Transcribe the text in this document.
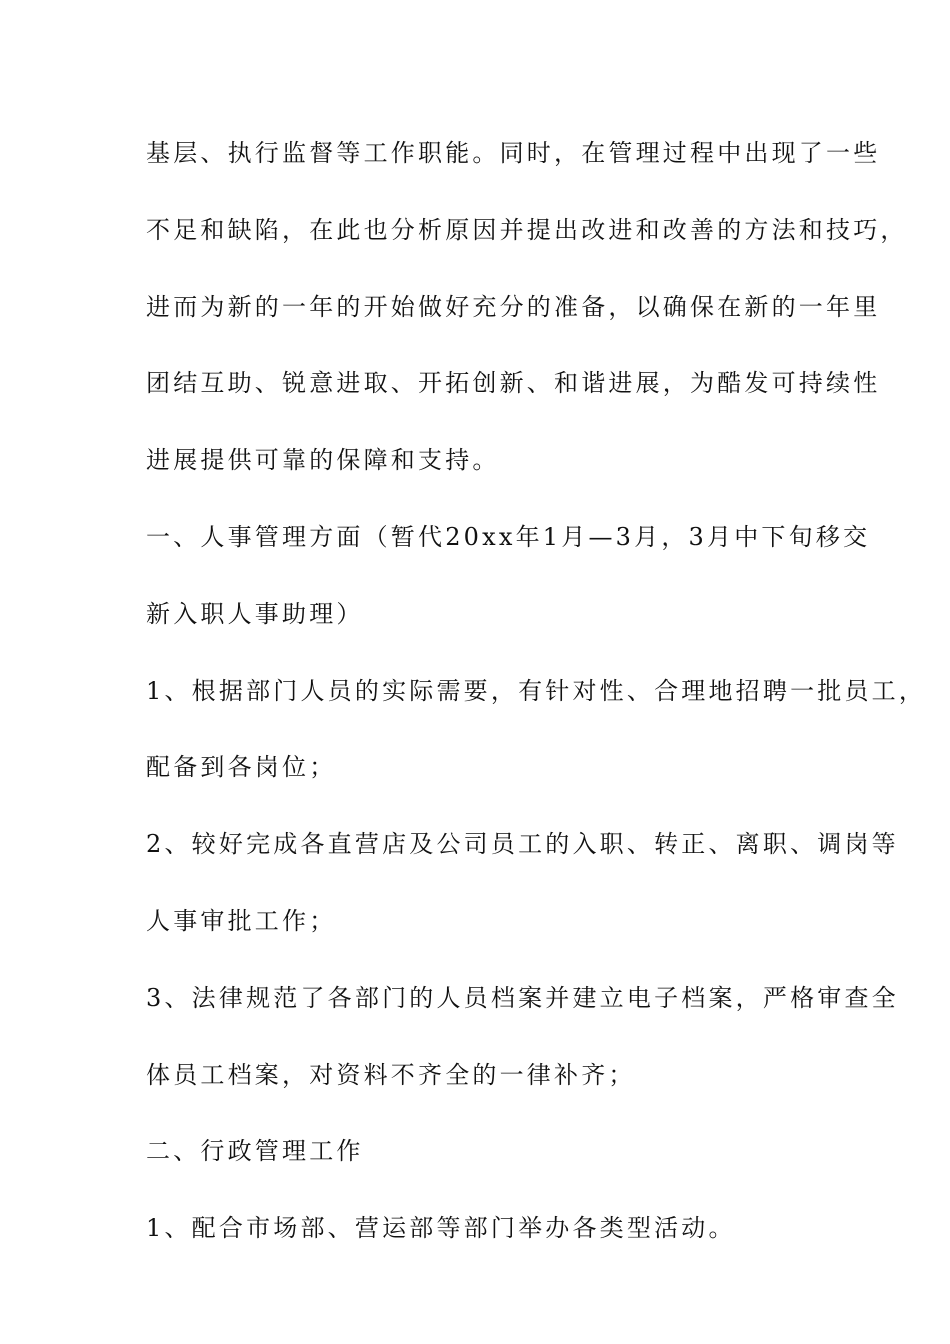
基层、执行监督等工作职能。同时，在管理过程中出现了一些
不足和缺陷，在此也分析原因并提出改进和改善的方法和技巧，
进而为新的一年的开始做好充分的准备，以确保在新的一年里
团结互助、锐意进取、开拓创新、和谐进展，为酷发可持续性
进展提供可靠的保障和支持。
一、人事管理方面（暂代20xx年1月—3月，3月中下旬移交
新入职人事助理）
1、根据部门人员的实际需要，有针对性、合理地招聘一批员工，
配备到各岗位；
2、较好完成各直营店及公司员工的入职、转正、离职、调岗等
人事审批工作；
3、法律规范了各部门的人员档案并建立电子档案，严格审查全
体员工档案，对资料不齐全的一律补齐；
二、行政管理工作
1、配合市场部、营运部等部门举办各类型活动。
